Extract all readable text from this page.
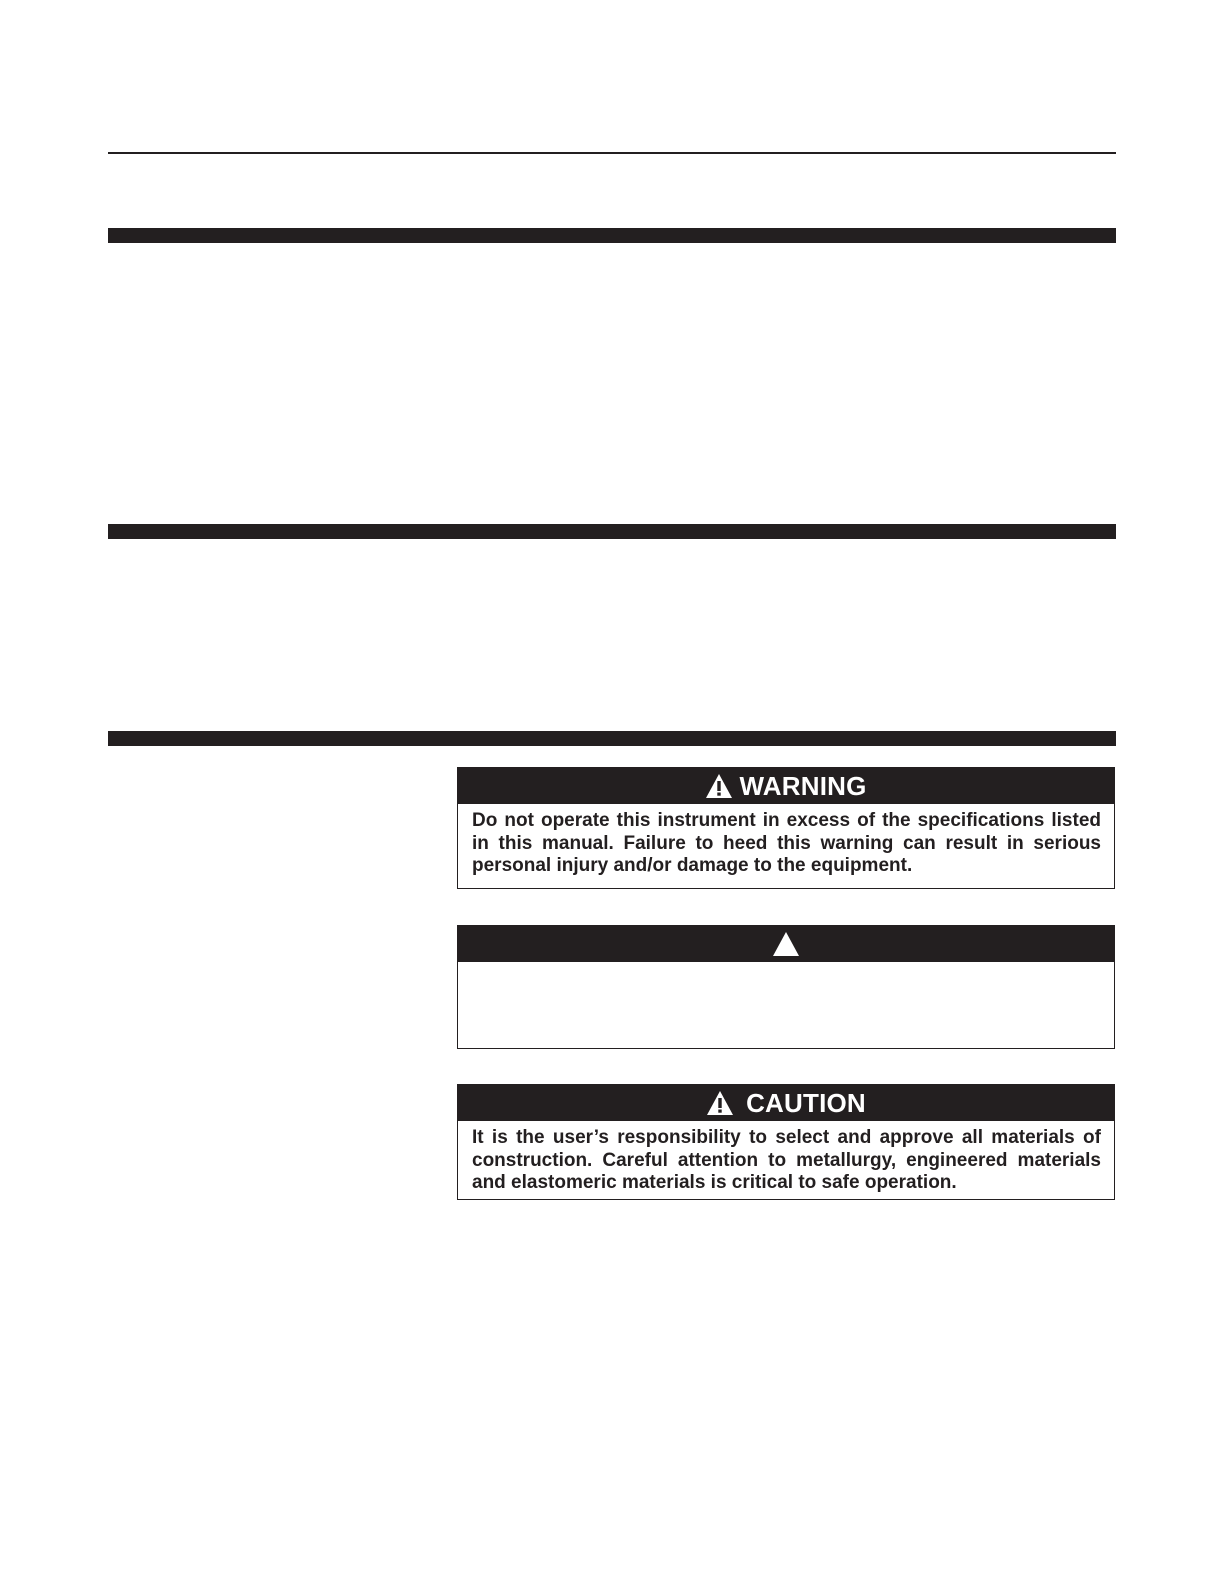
WARNING
Do not operate this instrument in excess of the specifications listed in this manual. Failure to heed this warning can result in serious personal injury and/or damage to the equipment.
CAUTION
It is the user’s responsibility to select and approve all materials of construction. Careful attention to metallurgy, engineered materials and elastomeric materials is critical to safe operation.
